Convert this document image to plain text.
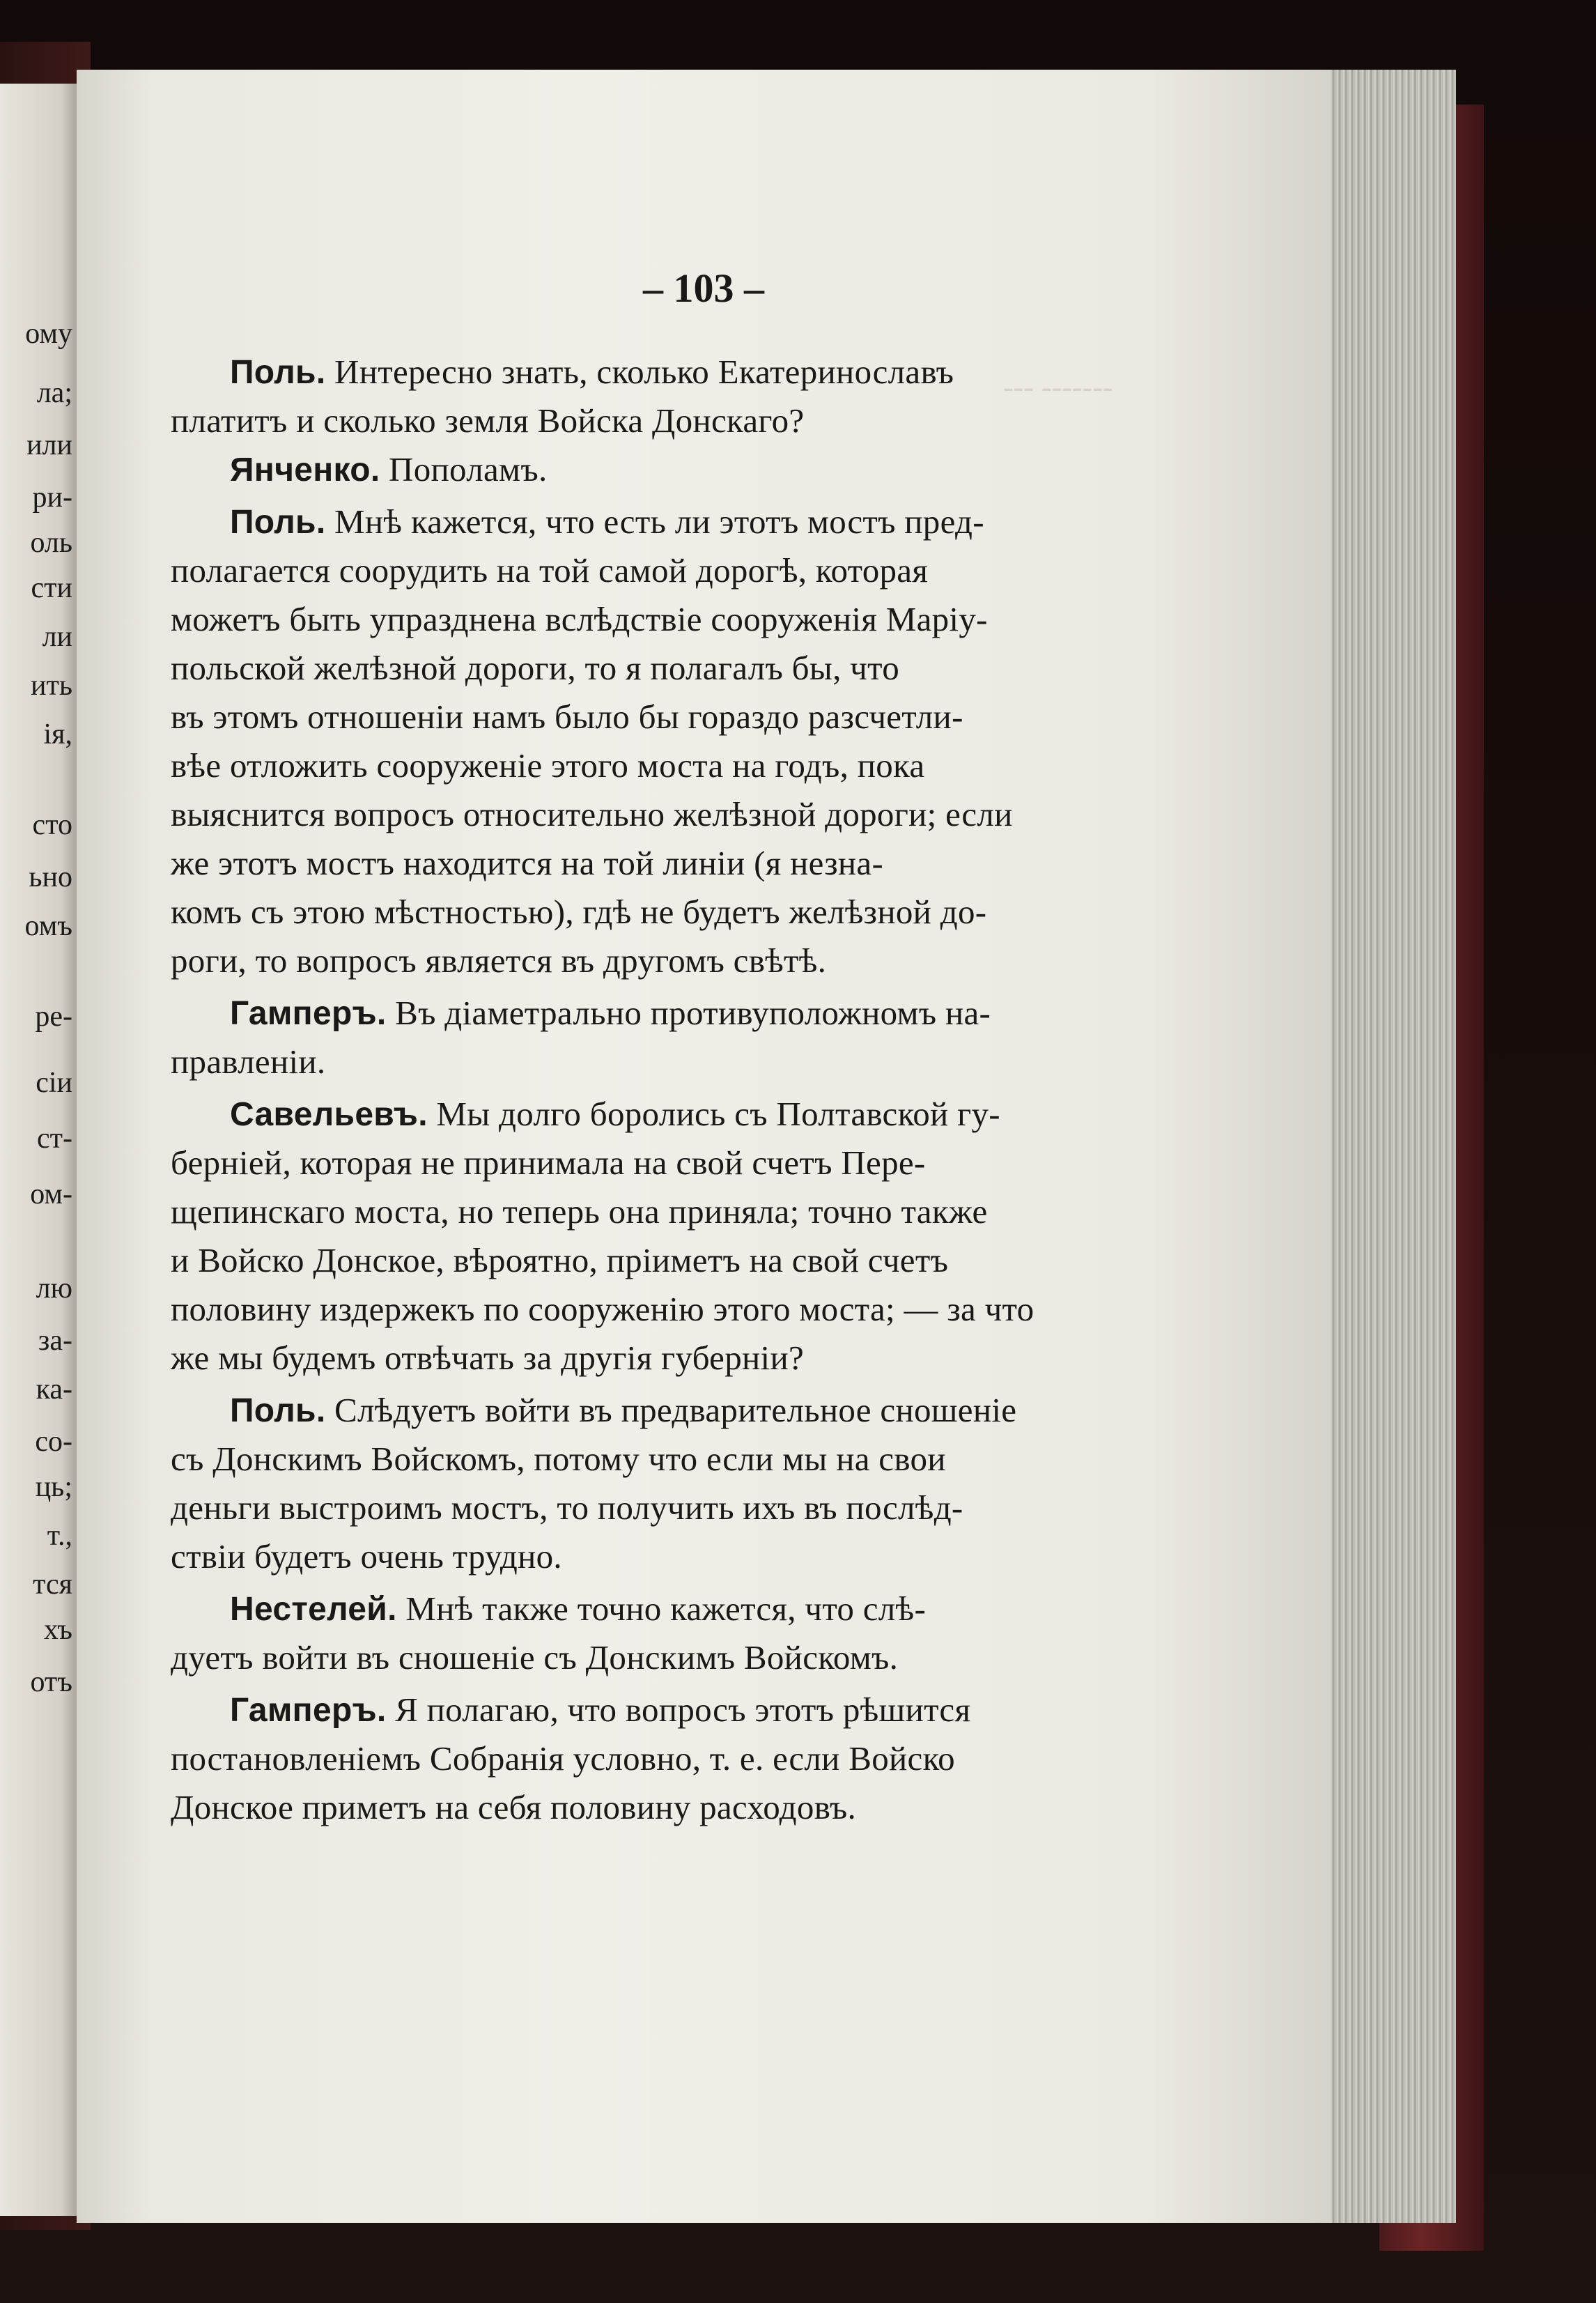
ому
ла;
или
ри-
оль
сти
ли
ить
ія,
сто
ьно
омъ
ре-
сіи
ст-
ом-
лю
за-
ка-
со-
ць;
т.,
тся
хъ
отъ
--- -------
– 103 –
Поль. Интересно знать, сколько Екатеринославъ
платитъ и сколько земля Войска Донскаго?
Янченко. Пополамъ.
Поль. Мнѣ кажется, что есть ли этотъ мостъ пред-
полагается соорудить на той самой дорогѣ, которая
можетъ быть упразднена вслѣдствіе сооруженія Маріу-
польской желѣзной дороги, то я полагалъ бы, что
въ этомъ отношеніи намъ было бы гораздо разсчетли-
вѣе отложить сооруженіе этого моста на годъ, пока
выяснится вопросъ относительно желѣзной дороги; если
же этотъ мостъ находится на той линіи (я незна-
комъ съ этою мѣстностью), гдѣ не будетъ желѣзной до-
роги, то вопросъ является въ другомъ свѣтѣ.
Гамперъ. Въ діаметрально противуположномъ на-
правленіи.
Савельевъ. Мы долго боролись съ Полтавской гу-
берніей, которая не принимала на свой счетъ Пере-
щепинскаго моста, но теперь она приняла; точно также
и Войско Донское, вѣроятно, пріиметъ на свой счетъ
половину издержекъ по сооруженію этого моста; — за что
же мы будемъ отвѣчать за другія губерніи?
Поль. Слѣдуетъ войти въ предварительное сношеніе
съ Донскимъ Войскомъ, потому что если мы на свои
деньги выстроимъ мостъ, то получить ихъ въ послѣд-
ствіи будетъ очень трудно.
Нестелей. Мнѣ также точно кажется, что слѣ-
дуетъ войти въ сношеніе съ Донскимъ Войскомъ.
Гамперъ. Я полагаю, что вопросъ этотъ рѣшится
постановленіемъ Собранія условно, т. е. если Войско
Донское приметъ на себя половину расходовъ.
